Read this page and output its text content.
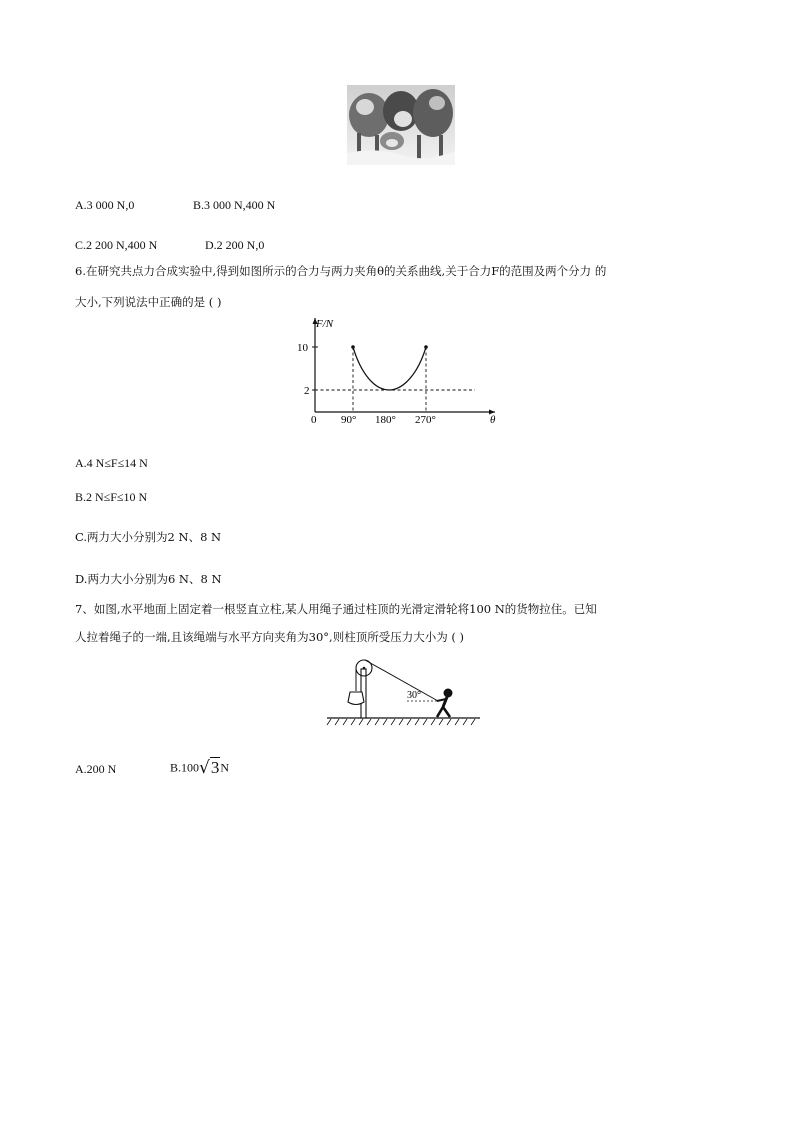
A.3 000 N,0	B.3 000 N,400 N
C.2 200 N,400 N	D.2 200 N,0
6.在研究共点力合成实验中,得到如图所示的合力与两力夹角θ的关系曲线,关于合力F的范围及两个分力 的
大小,下列说法中正确的是 ( )
F/N
10
2
0 90° 180° 270°	θ
A.4 N≤F≤14 N
B.2 N≤F≤10 N
C.两力大小分别为2 N、8 N
D.两力大小分别为6 N、8 N
7、如图,水平地面上固定着一根竖直立柱,某人用绳子通过柱顶的光滑定滑轮将100 N的货物拉住。已知
人拉着绳子的一端,且该绳端与水平方向夹角为30°,则柱顶所受压力大小为 ( )
30°
A.200 N	B.100√3N
